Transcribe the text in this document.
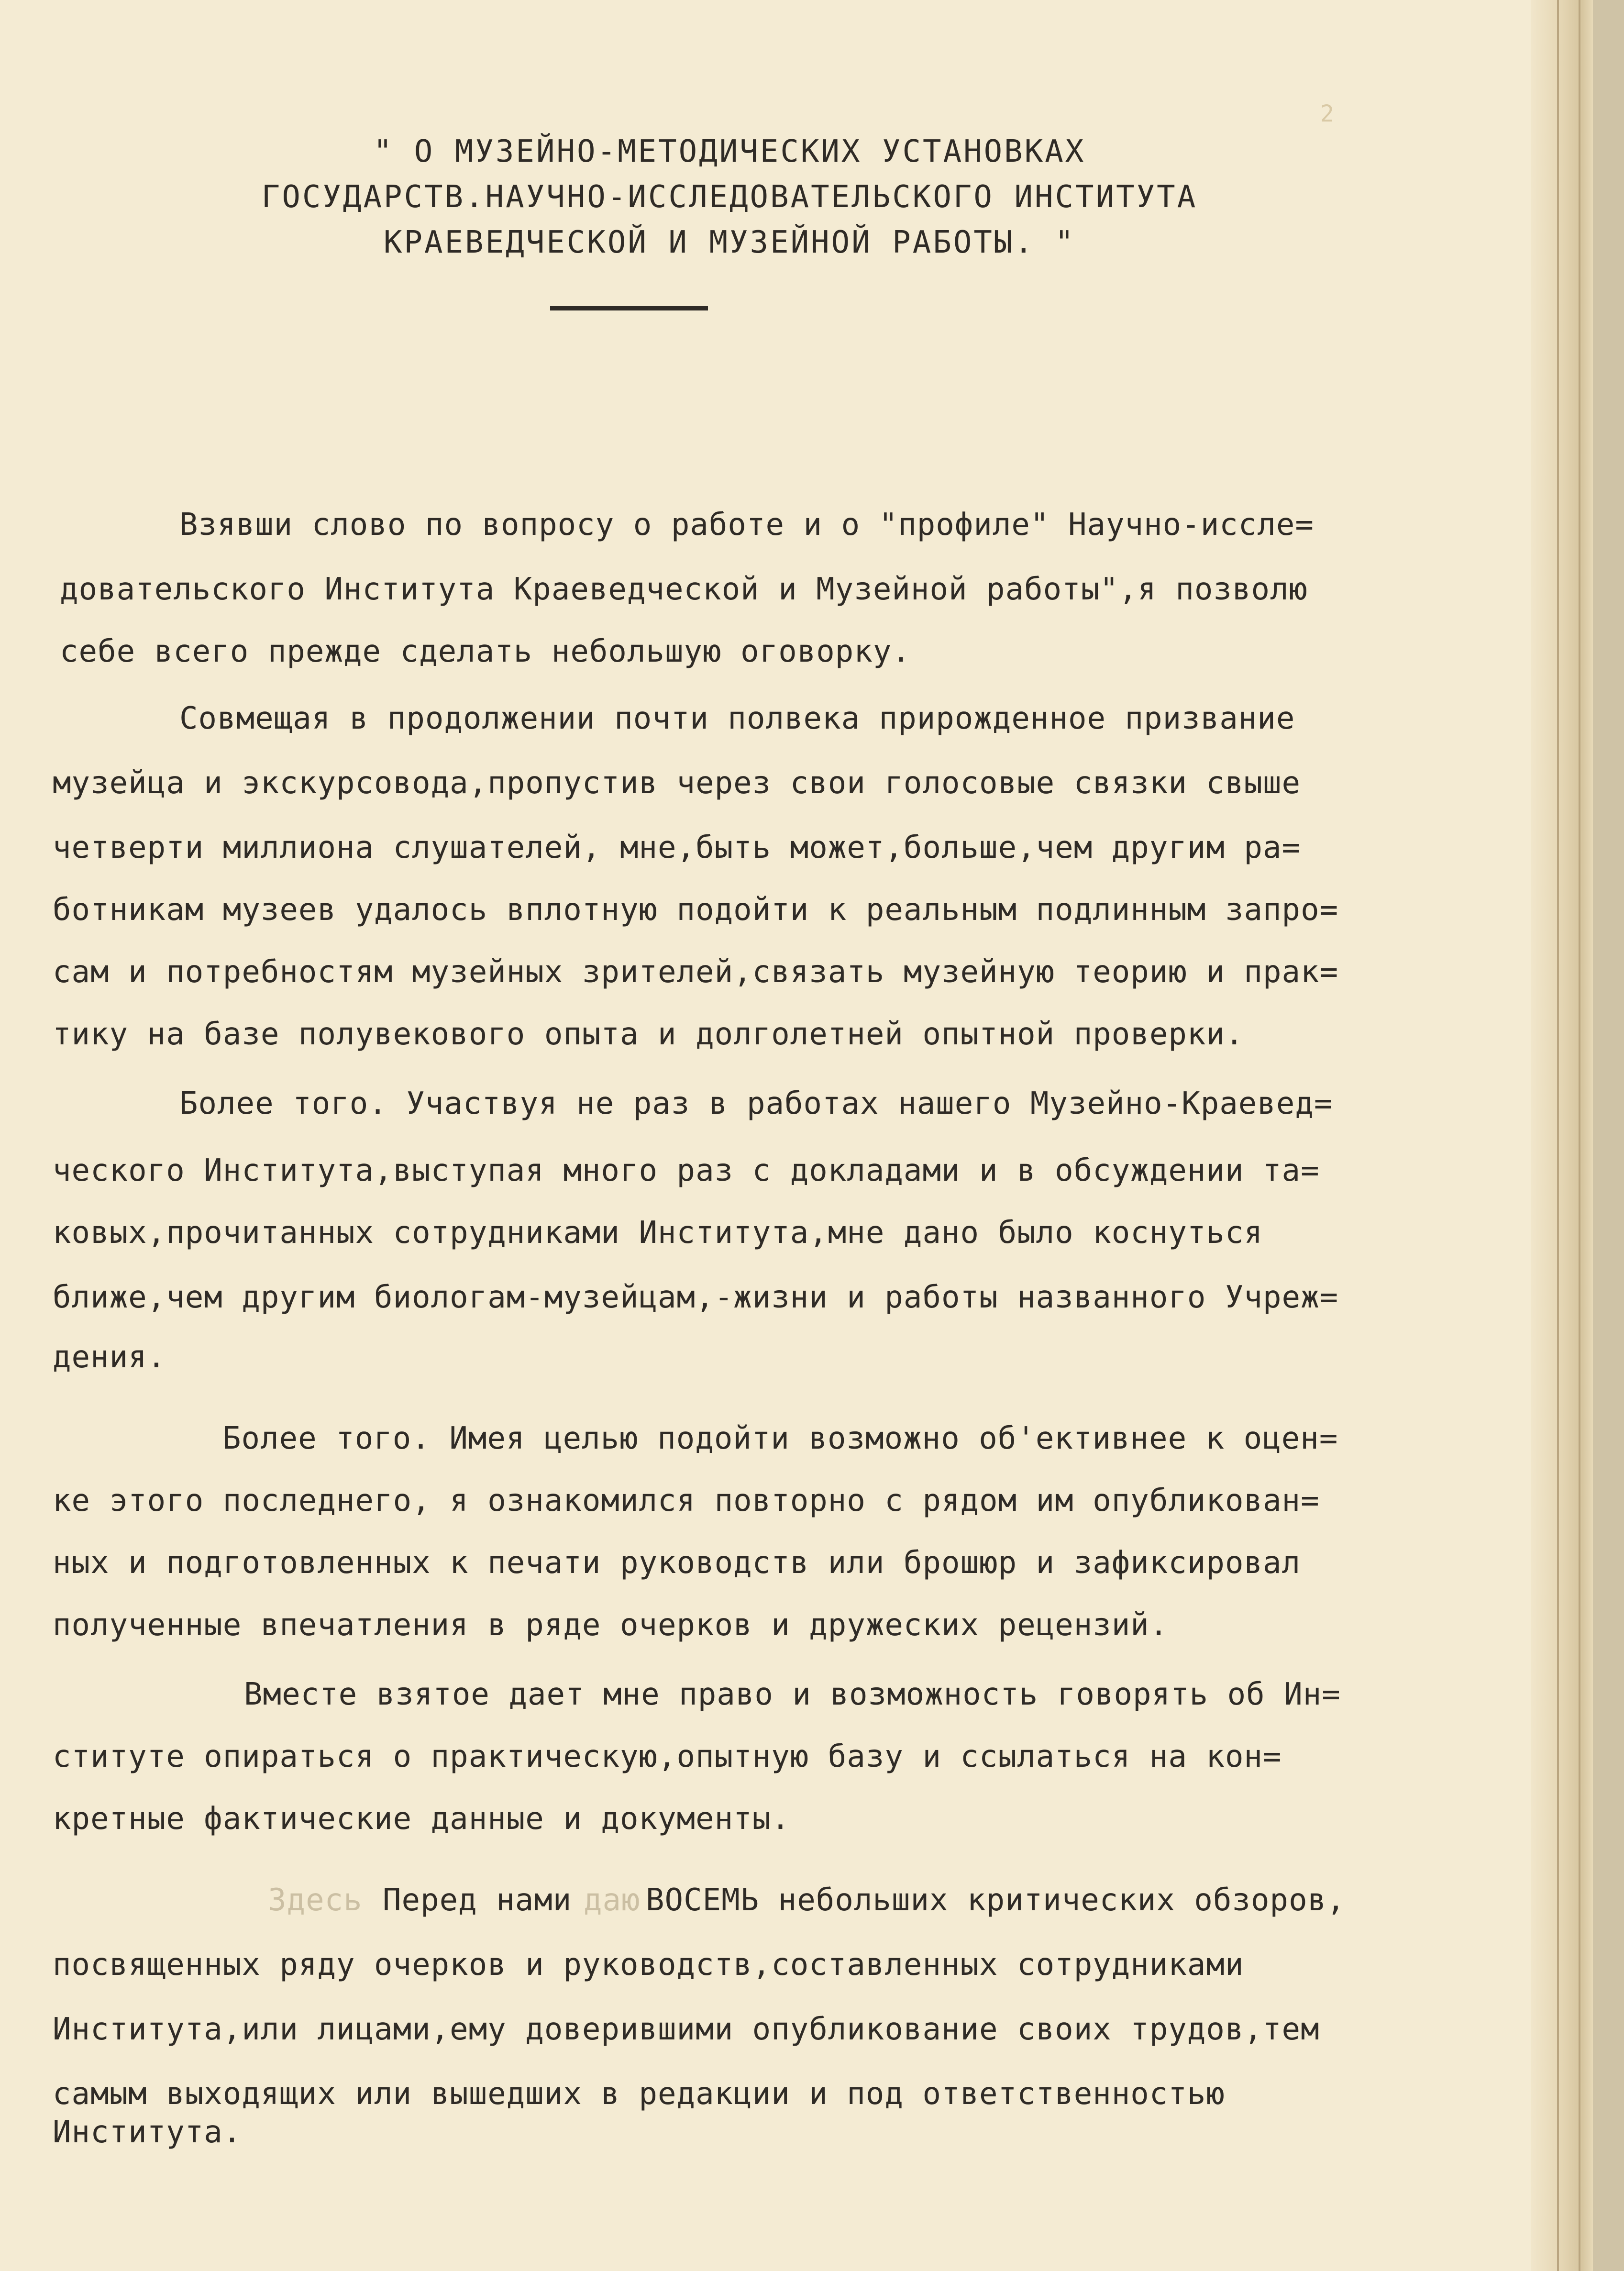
2
" О МУЗЕЙНО-МЕТОДИЧЕСКИХ УСТАНОВКАХ
ГОСУДАРСТВ.НАУЧНО-ИССЛЕДОВАТЕЛЬСКОГО ИНСТИТУТА
КРАЕВЕДЧЕСКОЙ И МУЗЕЙНОЙ РАБОТЫ. "
Взявши слово по вопросу о работе и о "профиле" Научно-иссле=
довательского Института Краеведческой и Музейной работы",я позволю
себе всего прежде сделать небольшую оговорку.
Совмещая в продолжении почти полвека прирожденное призвание
музейца и экскурсовода,пропустив через свои голосовые связки свыше
четверти миллиона слушателей, мне,быть может,больше,чем другим ра=
ботникам музеев удалось вплотную подойти к реальным подлинным запро=
сам и потребностям музейных зрителей,связать музейную теорию и прак=
тику на базе полувекового опыта и долголетней опытной проверки.
Более того. Участвуя не раз в работах нашего Музейно-Краевед=
ческого Института,выступая много раз с докладами и в обсуждении та=
ковых,прочитанных сотрудниками Института,мне дано было коснуться
ближе,чем другим биологам-музейцам,-жизни и работы названного Учреж=
дения.
Более того. Имея целью подойти возможно об'ективнее к оцен=
ке этого последнего, я ознакомился повторно с рядом им опубликован=
ных и подготовленных к печати руководств или брошюр и зафиксировал
полученные впечатления в ряде очерков и дружеских рецензий.
Вместе взятое дает мне право и возможность говорять об Ин=
ституте опираться о практическую,опытную базу и ссылаться на кон=
кретные фактические данные и документы.
Здесь Перед нами даю ВОСЕМЬ небольших критических обзоров,
посвященных ряду очерков и руководств,составленных сотрудниками
Института,или лицами,ему доверившими опубликование своих трудов,тем
самым выходящих или вышедших в редакции и под ответственностью
Института.
